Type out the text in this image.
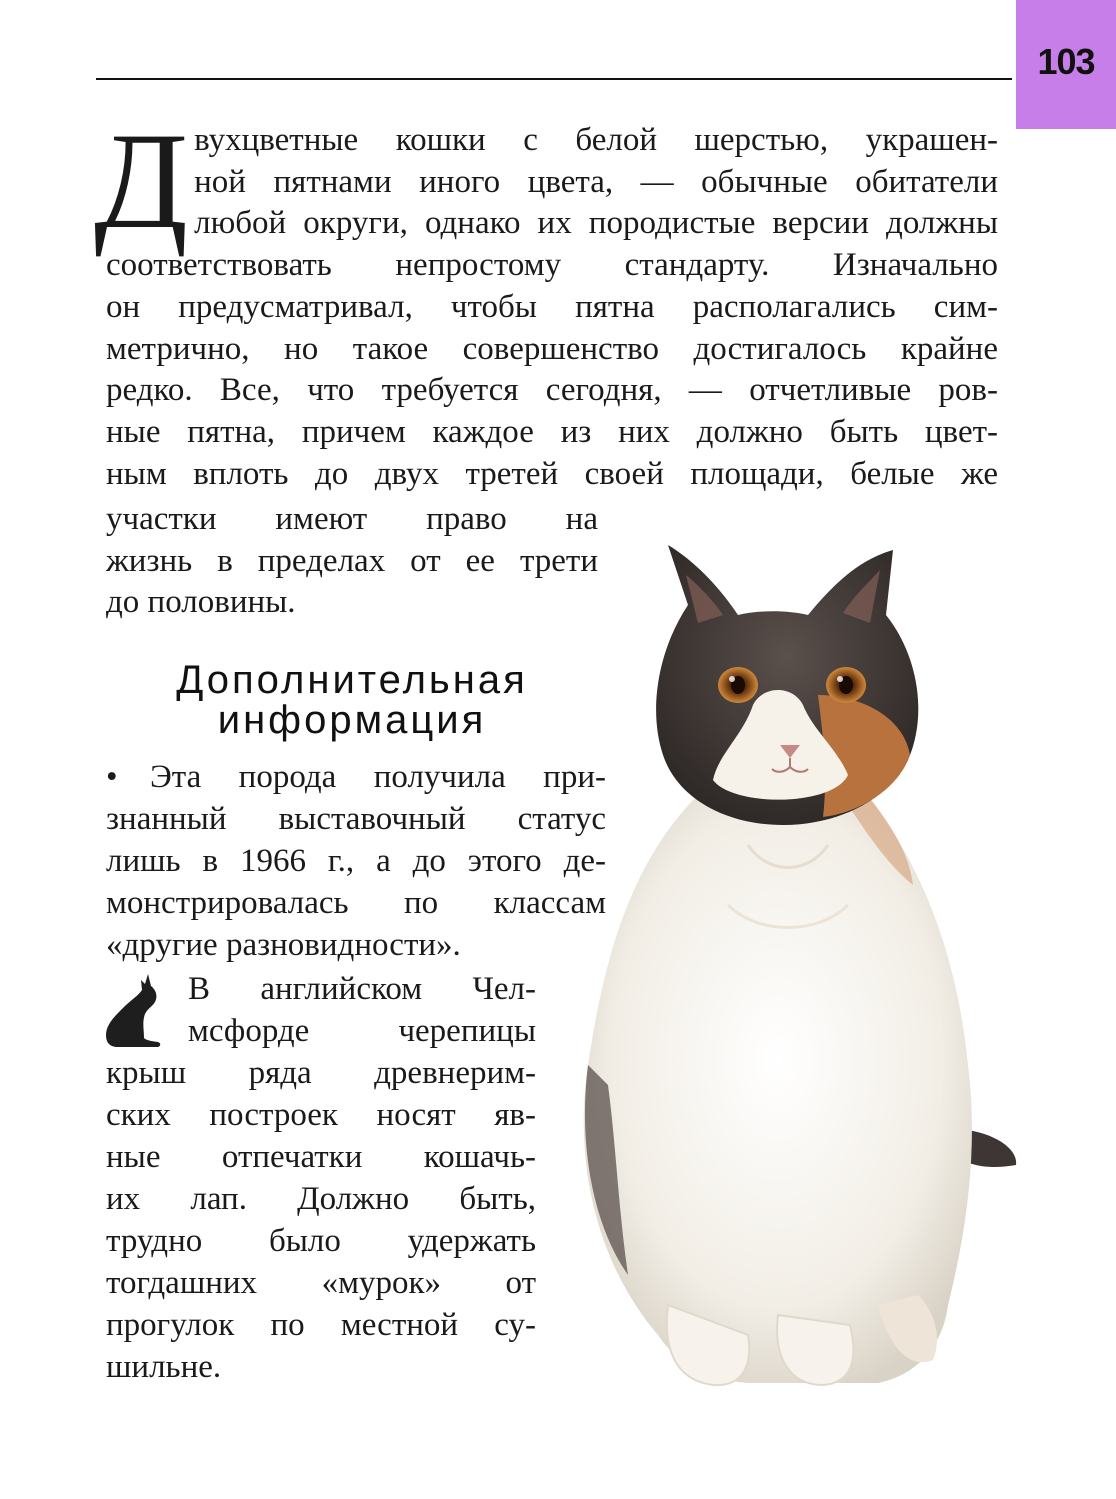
103
Д вухцветные кошки с белой шерстью, украшен-
ной пятнами иного цвета, — обычные обитатели
любой округи, однако их породистые версии должны
соответствовать непростому стандарту. Изначально
он предусматривал, чтобы пятна располагались сим-
метрично, но такое совершенство достигалось крайне
редко. Все, что требуется сегодня, — отчетливые ров-
ные пятна, причем каждое из них должно быть цвет-
ным вплоть до двух третей своей площади, белые же
участки имеют право на
жизнь в пределах от ее трети
до половины.
Дополнительная
информация
• Эта порода получила при-
знанный выставочный статус
лишь в 1966 г., а до этого де-
монстрировалась по классам
«другие разновидности».
В английском Чел-
мсфорде черепицы
крыш ряда древнерим-
ских построек носят яв-
ные отпечатки кошачь-
их лап. Должно быть,
трудно было удержать
тогдашних «мурок» от
прогулок по местной су-
шильне.
